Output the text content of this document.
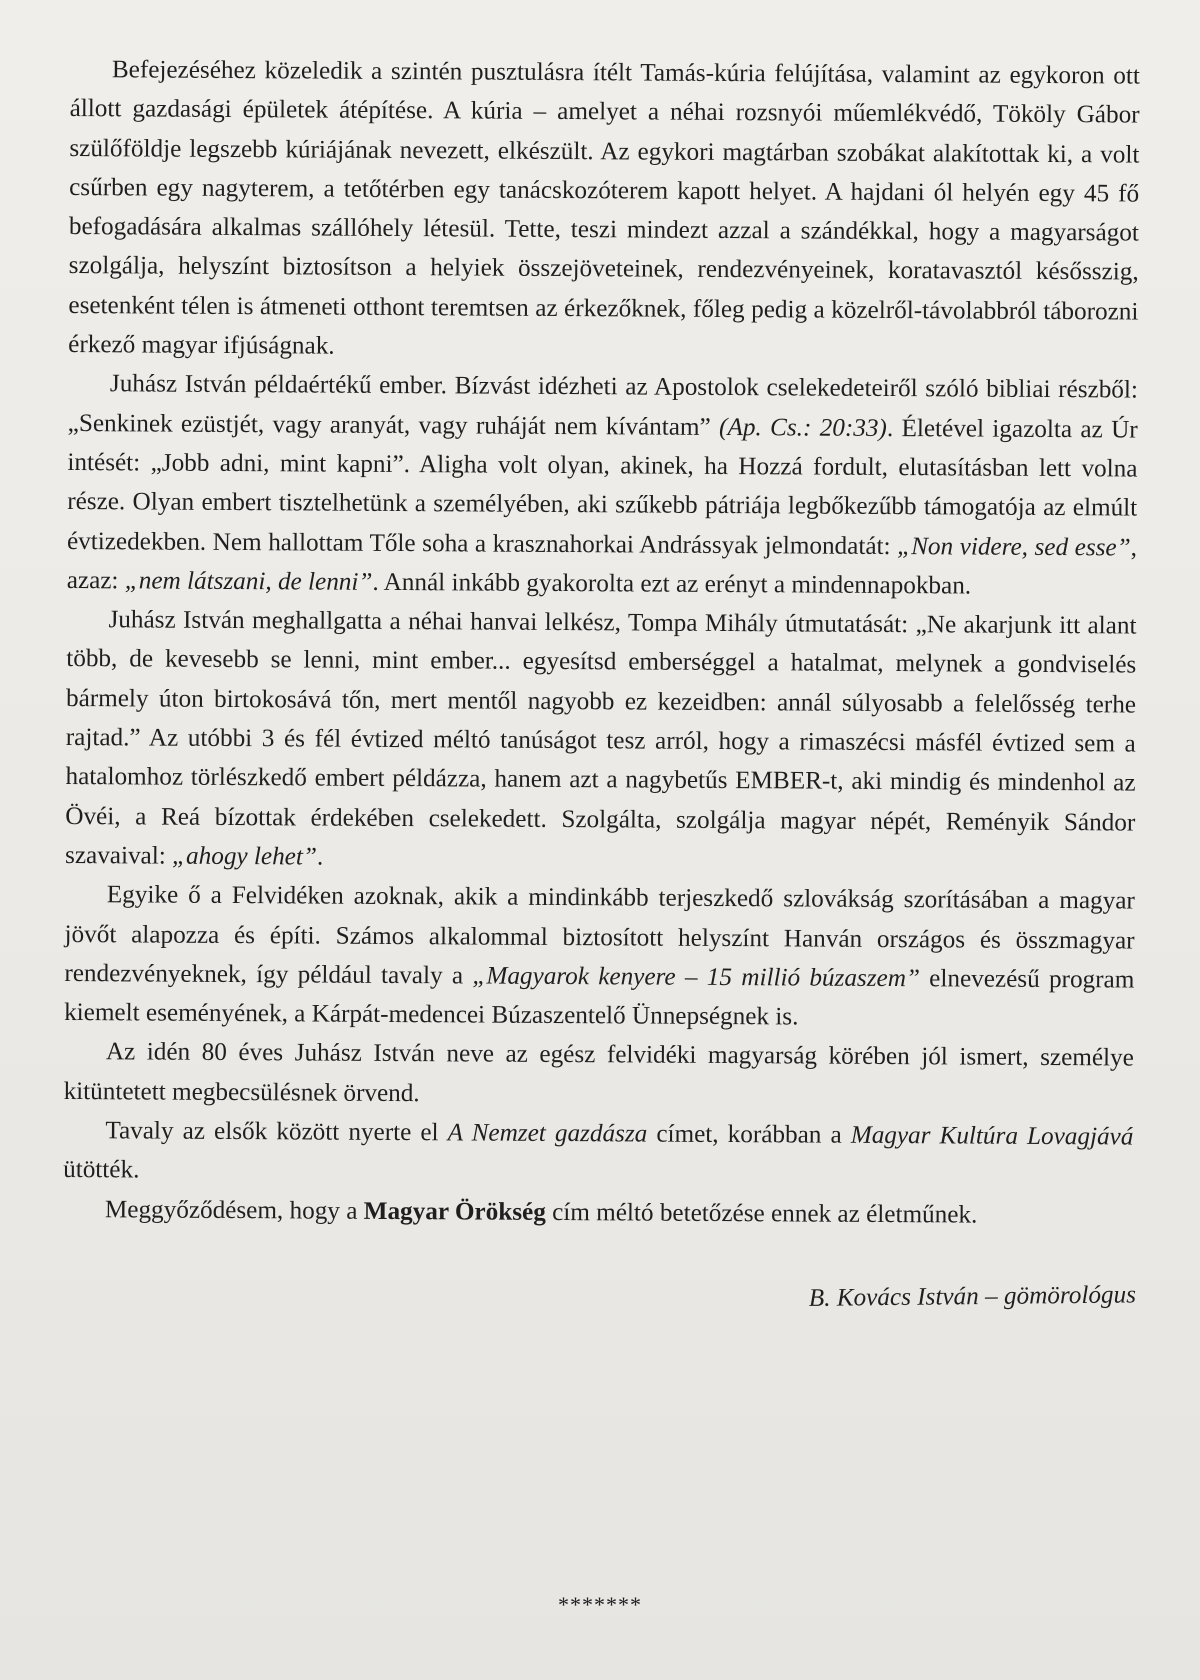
Befejezéséhez közeledik a szintén pusztulásra ítélt Tamás-kúria felújítása, valamint az egykoron ott állott gazdasági épületek átépítése. A kúria – amelyet a néhai rozsnyói műemlékvédő, Tököly Gábor szülőföldje legszebb kúriájának nevezett, elkészült. Az egykori magtárban szobákat alakítottak ki, a volt csűrben egy nagyterem, a tetőtérben egy tanácskozóterem kapott helyet. A hajdani ól helyén egy 45 fő befogadására alkalmas szállóhely létesül. Tette, teszi mindezt azzal a szándékkal, hogy a magyarságot szolgálja, helyszínt biztosítson a helyiek összejöveteinek, rendezvényeinek, koratavasztól késősszig, esetenként télen is átmeneti otthont teremtsen az érkezőknek, főleg pedig a közelről-távolabbról táborozni érkező magyar ifjúságnak.

Juhász István példaértékű ember. Bízvást idézheti az Apostolok cselekedeteiről szóló bibliai részből: „Senkinek ezüstjét, vagy aranyát, vagy ruháját nem kívántam” (Ap. Cs.: 20:33). Életével igazolta az Úr intését: „Jobb adni, mint kapni”. Aligha volt olyan, akinek, ha Hozzá fordult, elutasításban lett volna része. Olyan embert tisztelhetünk a személyében, aki szűkebb pátriája legbőkezűbb támogatója az elmúlt évtizedekben. Nem hallottam Tőle soha a krasznahorkai Andrássyak jelmondatát: „Non videre, sed esse”, azaz: „nem látszani, de lenni”. Annál inkább gyakorolta ezt az erényt a mindennapokban.

Juhász István meghallgatta a néhai hanvai lelkész, Tompa Mihály útmutatását: „Ne akarjunk itt alant több, de kevesebb se lenni, mint ember... egyesítsd emberséggel a hatalmat, melynek a gondviselés bármely úton birtokosává tőn, mert mentől nagyobb ez kezeidben: annál súlyosabb a felelősség terhe rajtad.” Az utóbbi 3 és fél évtized méltó tanúságot tesz arról, hogy a rimaszécsi másfél évtized sem a hatalomhoz törlészkedő embert példázza, hanem azt a nagybetűs EMBER-t, aki mindig és mindenhol az Övéi, a Reá bízottak érdekében cselekedett. Szolgálta, szolgálja magyar népét, Reményik Sándor szavaival: „ahogy lehet”.

Egyike ő a Felvidéken azoknak, akik a mindinkább terjeszkedő szlovákság szorításában a magyar jövőt alapozza és építi. Számos alkalommal biztosított helyszínt Hanván országos és összmagyar rendezvényeknek, így például tavaly a „Magyarok kenyere – 15 millió búzaszem” elnevezésű program kiemelt eseményének, a Kárpát-medencei Búzaszentelő Ünnepségnek is.

Az idén 80 éves Juhász István neve az egész felvidéki magyarság körében jól ismert, személye kitüntetett megbecsülésnek örvend.

Tavaly az elsők között nyerte el A Nemzet gazdásza címet, korábban a Magyar Kultúra Lovagjává ütötték.

Meggyőződésem, hogy a Magyar Örökség cím méltó betetőzése ennek az életműnek.

B. Kovács István – gömörológus
*******
